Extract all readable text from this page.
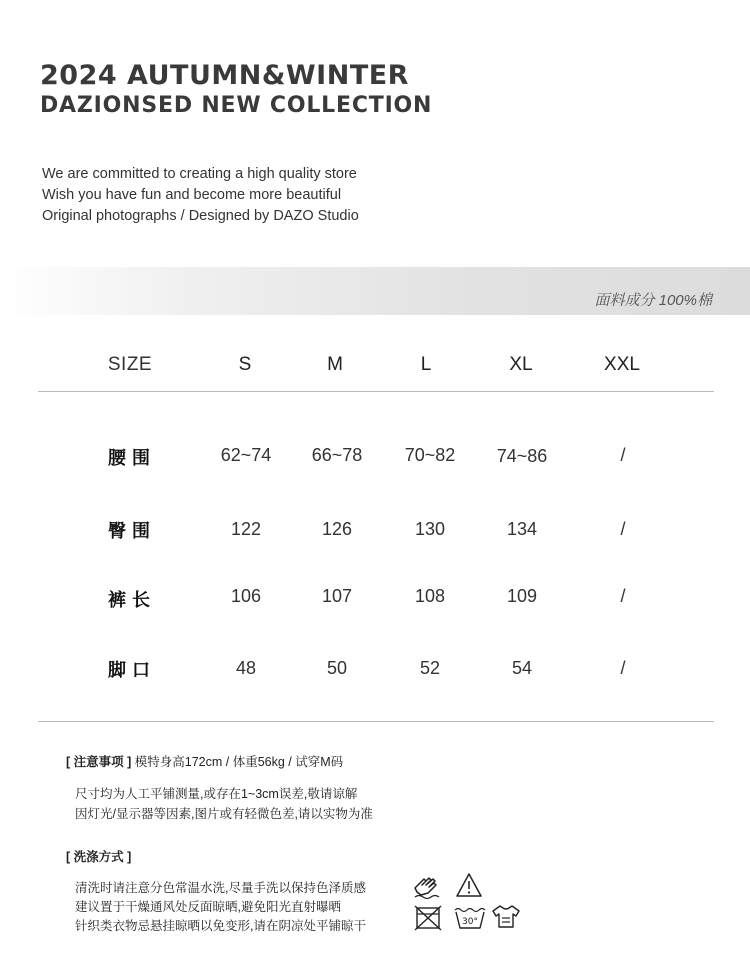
2024 AUTUMN&WINTER
DAZIONSED NEW COLLECTION
We are committed to creating a high quality store
Wish you have fun and become more beautiful
Original photographs / Designed by DAZO Studio
面料成分 100%棉
SIZE	S	M	L	XL	XXL
腰围	62~74	66~78	70~82	74~86	/
臀围	122	126	130	134	/
裤长	106	107	108	109	/
脚口	48	50	52	54	/
[ 注意事项 ] 模特身高172cm / 体重56kg / 试穿M码
尺寸均为人工平铺测量,或存在1~3cm误差,敬请谅解
因灯光/显示器等因素,图片或有轻微色差,请以实物为准
[ 洗涤方式 ]
清洗时请注意分色常温水洗,尽量手洗以保持色泽质感
建议置于干燥通风处反面晾晒,避免阳光直射曝晒
针织类衣物忌悬挂晾晒以免变形,请在阴凉处平铺晾干	30°
